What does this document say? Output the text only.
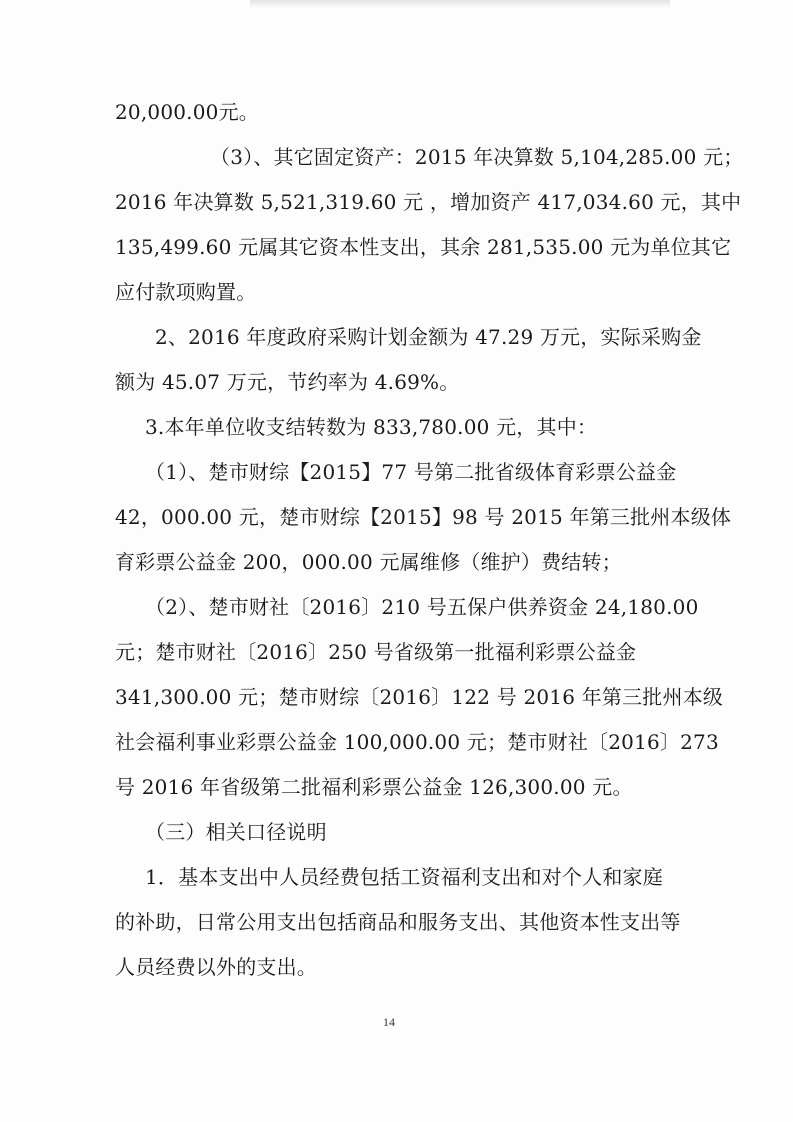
20,000.00元。
（3）、其它固定资产：2015 年决算数 5,104,285.00 元；
2016 年决算数 5,521,319.60 元 ，增加资产 417,034.60 元，其中
135,499.60 元属其它资本性支出，其余 281,535.00 元为单位其它
应付款项购置。
2、2016 年度政府采购计划金额为 47.29 万元，实际采购金
额为 45.07 万元，节约率为 4.69%。
3.本年单位收支结转数为 833,780.00 元，其中：
（1）、楚市财综【2015】77 号第二批省级体育彩票公益金
42，000.00 元，楚市财综【2015】98 号 2015 年第三批州本级体
育彩票公益金 200，000.00 元属维修（维护）费结转；
（2）、楚市财社〔2016〕210 号五保户供养资金 24,180.00
元；楚市财社〔2016〕250 号省级第一批福利彩票公益金
341,300.00 元；楚市财综〔2016〕122 号 2016 年第三批州本级
社会福利事业彩票公益金 100,000.00 元；楚市财社〔2016〕273
号 2016 年省级第二批福利彩票公益金 126,300.00 元。
（三）相关口径说明
1．基本支出中人员经费包括工资福利支出和对个人和家庭
的补助，日常公用支出包括商品和服务支出、其他资本性支出等
人员经费以外的支出。
14
